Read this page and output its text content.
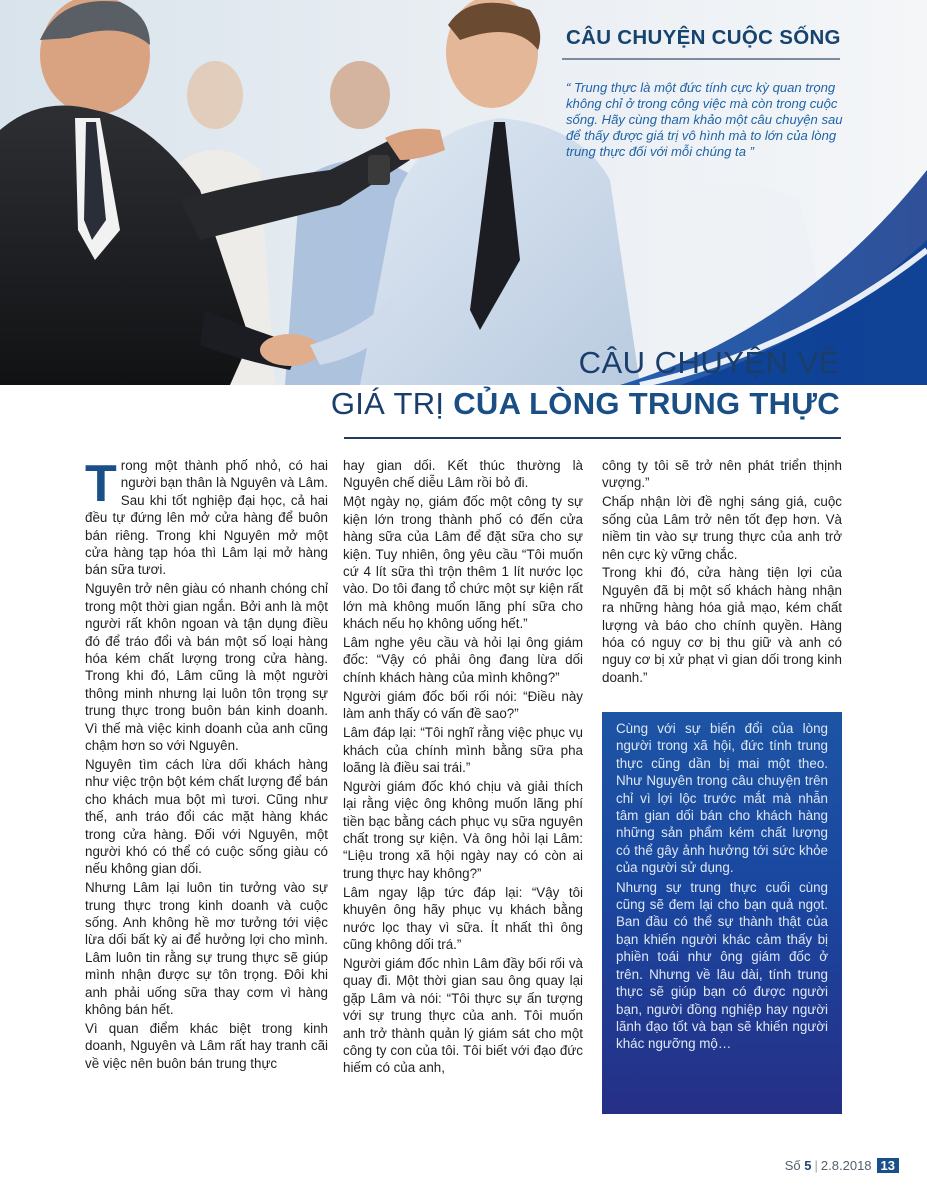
CÂU CHUYỆN CUỘC SỐNG
“ Trung thực là một đức tính cực kỳ quan trọng không chỉ ở trong công việc mà còn trong cuộc sống. Hãy cùng tham khảo một câu chuyện sau để thấy được giá trị vô hình mà to lớn của lòng trung thực đối với mỗi chúng ta ”
CÂU CHUYỆN VỀ
GIÁ TRỊ CỦA LÒNG TRUNG THỰC

Trong một thành phố nhỏ, có hai người bạn thân là Nguyên và Lâm. Sau khi tốt nghiệp đại học, cả hai đều tự đứng lên mở cửa hàng để buôn bán riêng. Trong khi Nguyên mở một cửa hàng tạp hóa thì Lâm lại mở hàng bán sữa tươi.

Nguyên trở nên giàu có nhanh chóng chỉ trong một thời gian ngắn. Bởi anh là một người rất khôn ngoan và tận dụng điều đó để tráo đổi và bán một số loại hàng hóa kém chất lượng trong cửa hàng. Trong khi đó, Lâm cũng là một người thông minh nhưng lại luôn tôn trọng sự trung thực trong buôn bán kinh doanh. Vì thế mà việc kinh doanh của anh cũng chậm hơn so với Nguyên.

Nguyên tìm cách lừa dối khách hàng như việc trộn bột kém chất lượng để bán cho khách mua bột mì tươi. Cũng như thế, anh tráo đổi các mặt hàng khác trong cửa hàng. Đối với Nguyên, một người khó có thể có cuộc sống giàu có nếu không gian dối.

Nhưng Lâm lại luôn tin tưởng vào sự trung thực trong kinh doanh và cuộc sống. Anh không hề mơ tưởng tới việc lừa dối bất kỳ ai để hưởng lợi cho mình. Lâm luôn tin rằng sự trung thực sẽ giúp mình nhận được sự tôn trọng. Đôi khi anh phải uống sữa thay cơm vì hàng không bán hết.

Vì quan điểm khác biệt trong kinh doanh, Nguyên và Lâm rất hay tranh cãi về việc nên buôn bán trung thực

hay gian dối. Kết thúc thường là Nguyên chế diễu Lâm rồi bỏ đi.

Một ngày nọ, giám đốc một công ty sự kiện lớn trong thành phố có đến cửa hàng sữa của Lâm để đặt sữa cho sự kiện. Tuy nhiên, ông yêu cầu “Tôi muốn cứ 4 lít sữa thì trộn thêm 1 lít nước lọc vào. Do tôi đang tổ chức một sự kiện rất lớn mà không muốn lãng phí sữa cho khách nếu họ không uống hết.”

Lâm nghe yêu cầu và hỏi lại ông giám đốc: “Vậy có phải ông đang lừa dối chính khách hàng của mình không?”

Người giám đốc bối rối nói: “Điều này làm anh thấy có vấn đề sao?”

Lâm đáp lại: “Tôi nghĩ rằng việc phục vụ khách của chính mình bằng sữa pha loãng là điều sai trái.”

Người giám đốc khó chịu và giải thích lại rằng việc ông không muốn lãng phí tiền bạc bằng cách phục vụ sữa nguyên chất trong sự kiện. Và ông hỏi lại Lâm: “Liệu trong xã hội ngày nay có còn ai trung thực hay không?”

Lâm ngay lập tức đáp lại: “Vậy tôi khuyên ông hãy phục vụ khách bằng nước lọc thay vì sữa. Ít nhất thì ông cũng không dối trá.”

Người giám đốc nhìn Lâm đầy bối rối và quay đi. Một thời gian sau ông quay lại gặp Lâm và nói: “Tôi thực sự ấn tượng với sự trung thực của anh. Tôi muốn anh trở thành quản lý giám sát cho một công ty con của tôi. Tôi biết với đạo đức hiếm có của anh,

công ty tôi sẽ trở nên phát triển thịnh vượng.”

Chấp nhận lời đề nghị sáng giá, cuộc sống của Lâm trở nên tốt đẹp hơn. Và niềm tin vào sự trung thực của anh trở nên cực kỳ vững chắc.

Trong khi đó, cửa hàng tiện lợi của Nguyên đã bị một số khách hàng nhận ra những hàng hóa giả mạo, kém chất lượng và báo cho chính quyền. Hàng hóa có nguy cơ bị thu giữ và anh có nguy cơ bị xử phạt vì gian dối trong kinh doanh.”

Cùng với sự biến đổi của lòng người trong xã hội, đức tính trung thực cũng dần bị mai một theo. Như Nguyên trong câu chuyện trên chỉ vì lợi lộc trước mắt mà nhẫn tâm gian dối bán cho khách hàng những sản phẩm kém chất lượng có thể gây ảnh hưởng tới sức khỏe của người sử dụng.

Nhưng sự trung thực cuối cùng cũng sẽ đem lại cho bạn quả ngọt. Ban đầu có thể sự thành thật của bạn khiến người khác cảm thấy bị phiền toái như ông giám đốc ở trên. Nhưng về lâu dài, tính trung thực sẽ giúp bạn có được người bạn, người đồng nghiệp hay người lãnh đạo tốt và bạn sẽ khiến người khác ngưỡng mộ…

Số 5 | 2.8.2018 13
